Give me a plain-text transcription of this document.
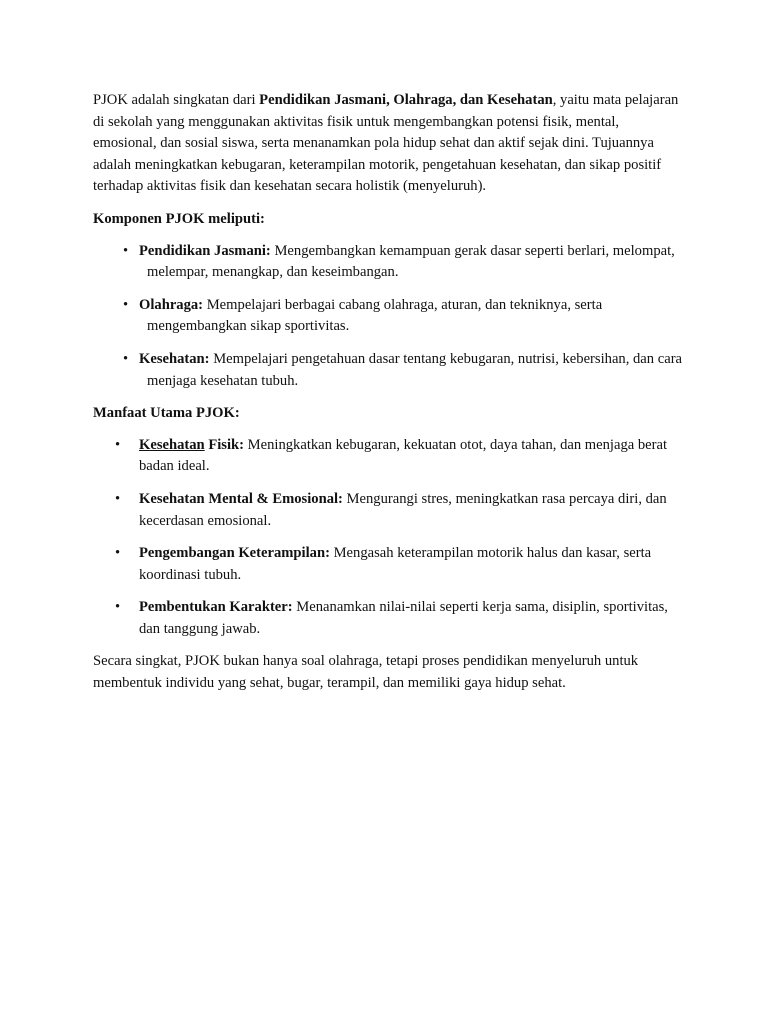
PJOK adalah singkatan dari Pendidikan Jasmani, Olahraga, dan Kesehatan, yaitu mata pelajaran di sekolah yang menggunakan aktivitas fisik untuk mengembangkan potensi fisik, mental, emosional, dan sosial siswa, serta menanamkan pola hidup sehat dan aktif sejak dini. Tujuannya adalah meningkatkan kebugaran, keterampilan motorik, pengetahuan kesehatan, dan sikap positif terhadap aktivitas fisik dan kesehatan secara holistik (menyeluruh).

Komponen PJOK meliputi:

• Pendidikan Jasmani: Mengembangkan kemampuan gerak dasar seperti berlari, melompat, melempar, menangkap, dan keseimbangan.
• Olahraga: Mempelajari berbagai cabang olahraga, aturan, dan tekniknya, serta mengembangkan sikap sportivitas.
• Kesehatan: Mempelajari pengetahuan dasar tentang kebugaran, nutrisi, kebersihan, dan cara menjaga kesehatan tubuh.

Manfaat Utama PJOK:

• Kesehatan Fisik: Meningkatkan kebugaran, kekuatan otot, daya tahan, dan menjaga berat badan ideal.
• Kesehatan Mental & Emosional: Mengurangi stres, meningkatkan rasa percaya diri, dan kecerdasan emosional.
• Pengembangan Keterampilan: Mengasah keterampilan motorik halus dan kasar, serta koordinasi tubuh.
• Pembentukan Karakter: Menanamkan nilai-nilai seperti kerja sama, disiplin, sportivitas, dan tanggung jawab.

Secara singkat, PJOK bukan hanya soal olahraga, tetapi proses pendidikan menyeluruh untuk membentuk individu yang sehat, bugar, terampil, dan memiliki gaya hidup sehat.
